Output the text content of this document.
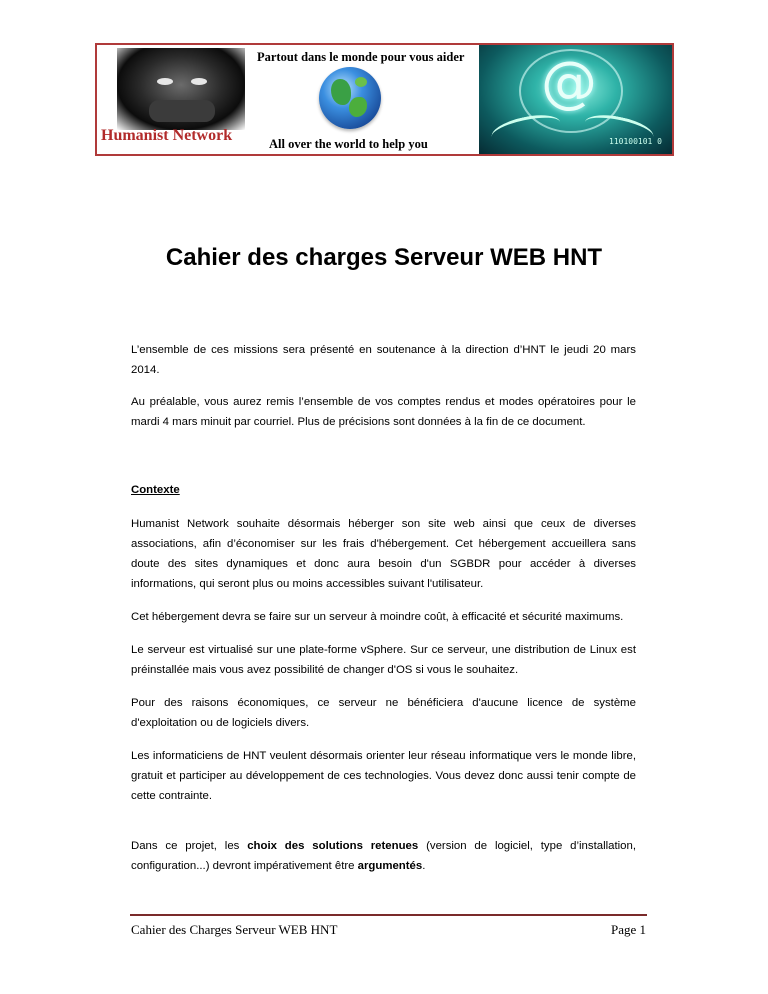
Humanist Network
Partout dans le monde pour vous aider
All over the world to help you
@
110100101 0
Cahier des charges Serveur WEB HNT

L’ensemble de ces missions sera présenté en soutenance à la direction d’HNT le jeudi 20 mars 2014.

Au préalable, vous aurez remis l’ensemble de vos comptes rendus et modes opératoires pour le mardi 4 mars minuit par courriel. Plus de précisions sont données à la fin de ce document.

Contexte

Humanist Network souhaite désormais héberger son site web ainsi que ceux de diverses associations, afin d’économiser sur les frais d'hébergement. Cet hébergement accueillera sans doute des sites dynamiques et donc aura besoin d'un SGBDR pour accéder à diverses informations, qui seront plus ou moins accessibles suivant l'utilisateur.

Cet hébergement devra se faire sur un serveur à moindre coût, à efficacité et sécurité maximums.

Le serveur est virtualisé sur une plate-forme vSphere. Sur ce serveur, une distribution de Linux est préinstallée mais vous avez possibilité de changer d'OS si vous le souhaitez.

Pour des raisons économiques, ce serveur ne bénéficiera d'aucune licence de système d'exploitation ou de logiciels divers.

Les informaticiens de HNT veulent désormais orienter leur réseau informatique vers le monde libre, gratuit et participer au développement de ces technologies. Vous devez donc aussi tenir compte de cette contrainte.

Dans ce projet, les choix des solutions retenues (version de logiciel, type d’installation, configuration...) devront impérativement être argumentés.

Cahier des Charges Serveur WEB HNT	Page 1
